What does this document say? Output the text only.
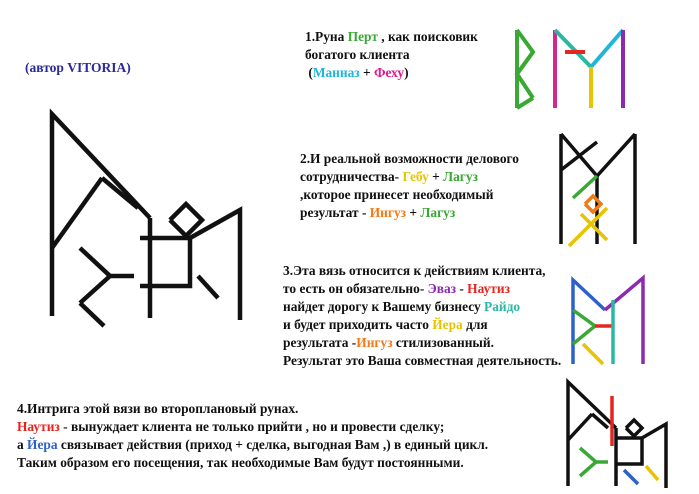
(автор VITORIA)
1.Руна Перт , как поисковик
богатого клиента
(Манназ + Феху)
2.И реальной возможности делового
сотрудничества- Гебу + Лагуз
,которое принесет необходимый
результат - Ингуз + Лагуз
3.Эта вязь относится к действиям клиента,
то есть он обязательно- Эваз - Наутиз
найдет дорогу к Вашему бизнесу Райдо
и будет приходить часто Йера для
результата -Ингуз стилизованный.
Результат это Ваша совместная деятельность.
4.Интрига этой вязи во второплановый рунах.
Наутиз - вынуждает клиента не только прийти , но и провести сделку;
а Йера связывает действия (приход + сделка, выгодная Вам ,) в единый цикл.
Таким образом его посещения, так необходимые Вам будут постоянными.
